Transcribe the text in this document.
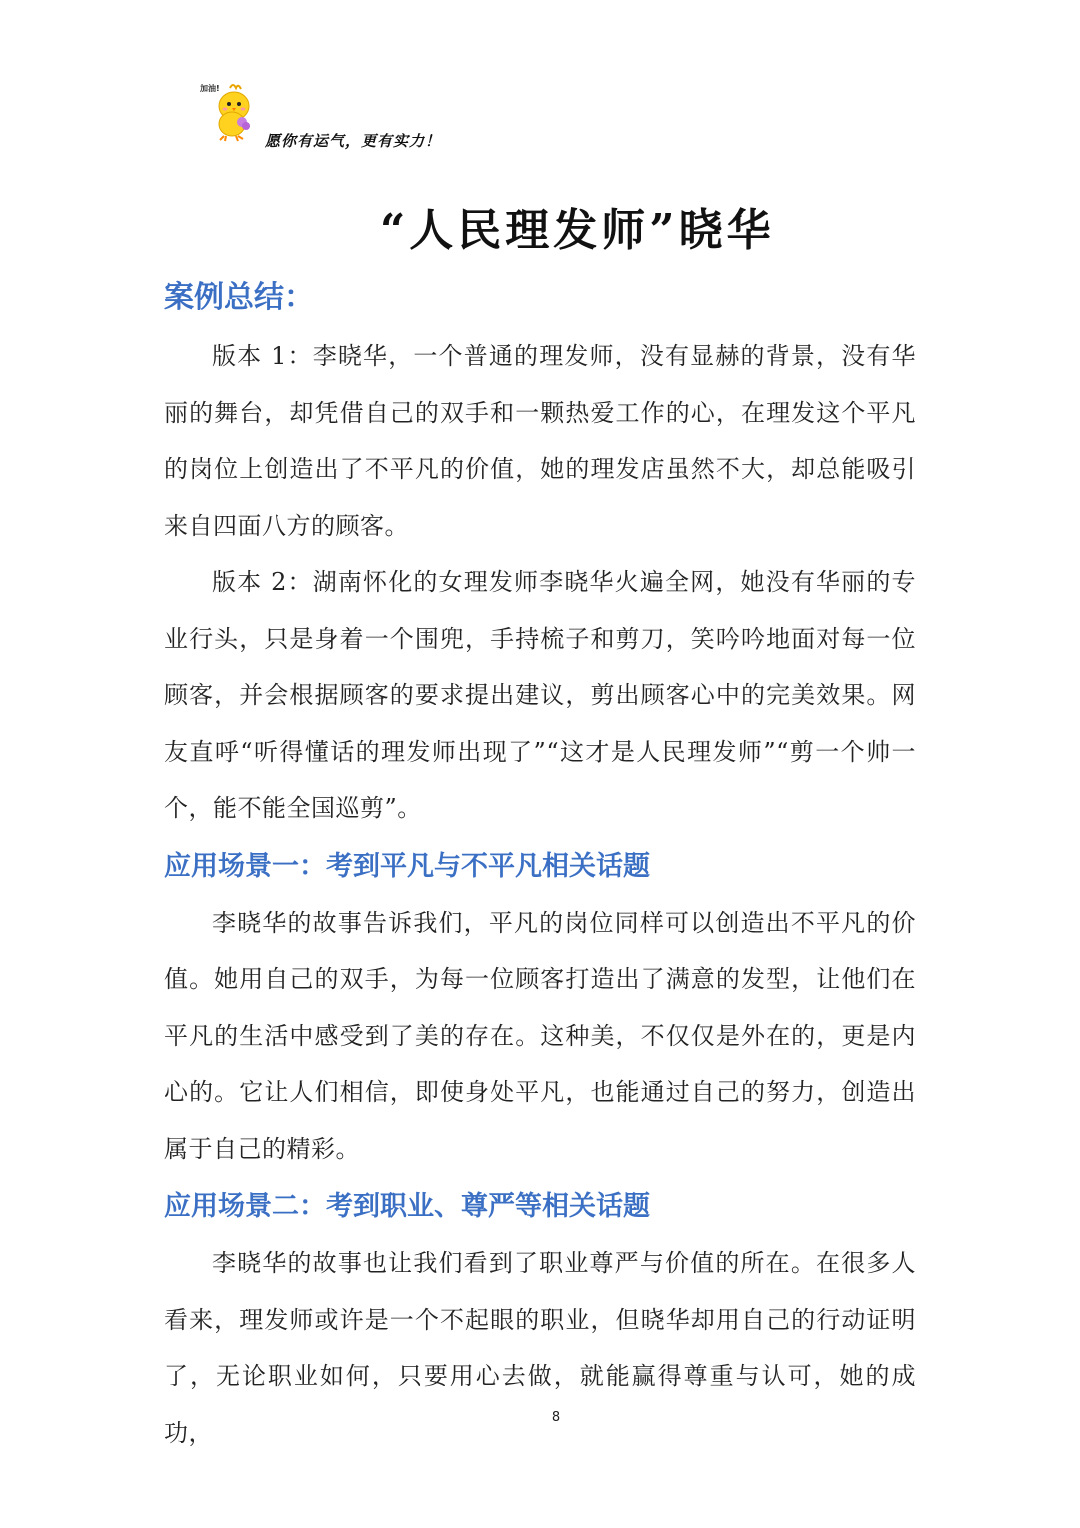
加油!
愿你有运气，更有实力！
“人民理发师”晓华
案例总结：

版本 1：李晓华，一个普通的理发师，没有显赫的背景，没有华丽的舞台，却凭借自己的双手和一颗热爱工作的心，在理发这个平凡的岗位上创造出了不平凡的价值，她的理发店虽然不大，却总能吸引来自四面八方的顾客。

版本 2：湖南怀化的女理发师李晓华火遍全网，她没有华丽的专业行头，只是身着一个围兜，手持梳子和剪刀，笑吟吟地面对每一位顾客，并会根据顾客的要求提出建议，剪出顾客心中的完美效果。网友直呼“听得懂话的理发师出现了”“这才是人民理发师”“剪一个帅一个，能不能全国巡剪”。

应用场景一：考到平凡与不平凡相关话题

李晓华的故事告诉我们，平凡的岗位同样可以创造出不平凡的价值。她用自己的双手，为每一位顾客打造出了满意的发型，让他们在平凡的生活中感受到了美的存在。这种美，不仅仅是外在的，更是内心的。它让人们相信，即使身处平凡，也能通过自己的努力，创造出属于自己的精彩。

应用场景二：考到职业、尊严等相关话题

李晓华的故事也让我们看到了职业尊严与价值的所在。在很多人看来，理发师或许是一个不起眼的职业，但晓华却用自己的行动证明了，无论职业如何，只要用心去做，就能赢得尊重与认可，她的成功，

8
